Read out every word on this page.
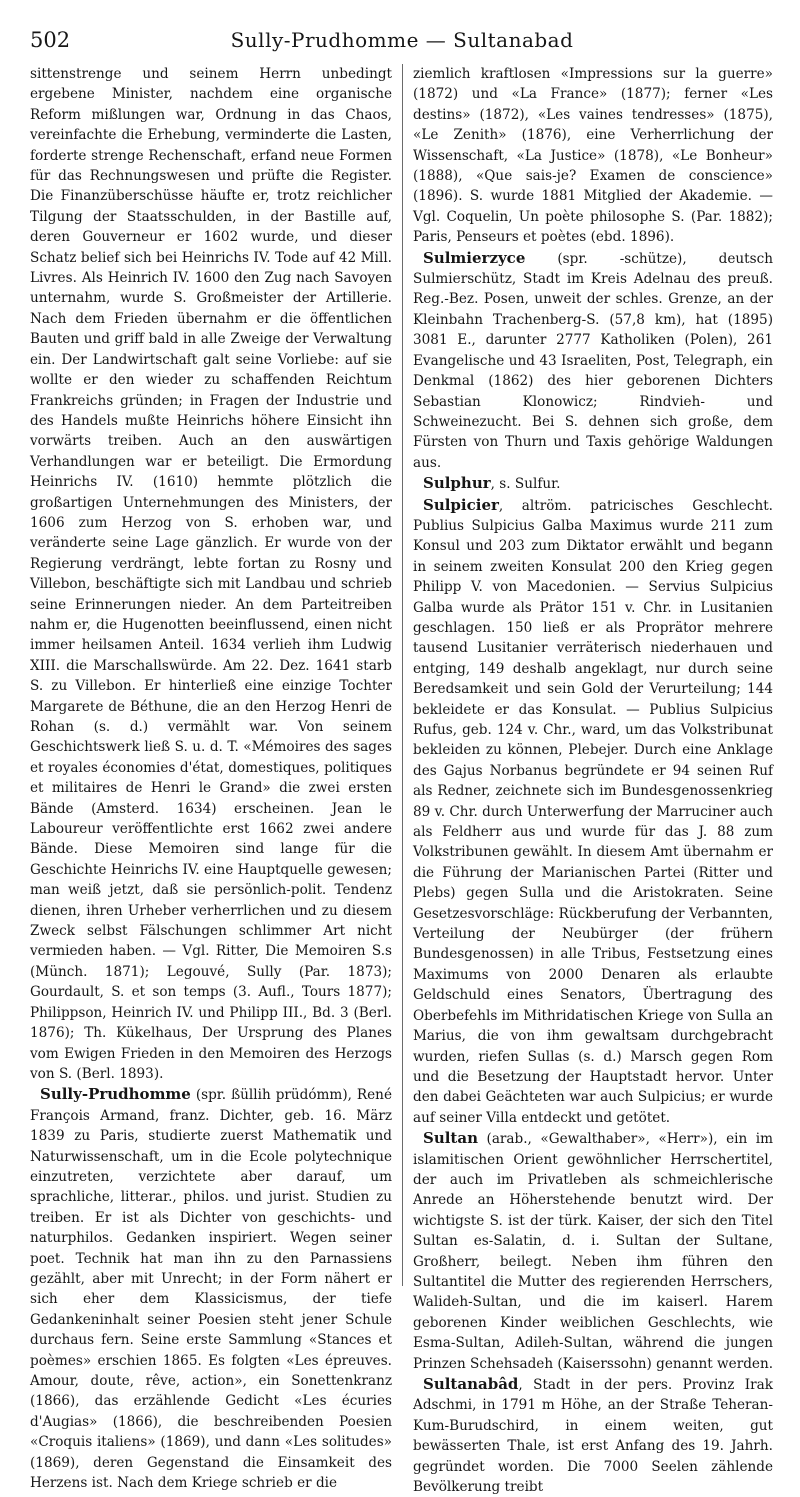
502	Sully-Prudhomme — Sultanabad

sittenstrenge und seinem Herrn unbedingt ergebene Minister, nachdem eine organische Reform mißlungen war, Ordnung in das Chaos, vereinfachte die Erhebung, verminderte die Lasten, forderte strenge Rechenschaft, erfand neue Formen für das Rechnungswesen und prüfte die Register. Die Finanzüberschüsse häufte er, trotz reichlicher Tilgung der Staatsschulden, in der Bastille auf, deren Gouverneur er 1602 wurde, und dieser Schatz belief sich bei Heinrichs IV. Tode auf 42 Mill. Livres. Als Heinrich IV. 1600 den Zug nach Savoyen unternahm, wurde S. Großmeister der Artillerie. Nach dem Frieden übernahm er die öffentlichen Bauten und griff bald in alle Zweige der Verwaltung ein. Der Landwirtschaft galt seine Vorliebe: auf sie wollte er den wieder zu schaffenden Reichtum Frankreichs gründen; in Fragen der Industrie und des Handels mußte Heinrichs höhere Einsicht ihn vorwärts treiben. Auch an den auswärtigen Verhandlungen war er beteiligt. Die Ermordung Heinrichs IV. (1610) hemmte plötzlich die großartigen Unternehmungen des Ministers, der 1606 zum Herzog von S. erhoben war, und veränderte seine Lage gänzlich. Er wurde von der Regierung verdrängt, lebte fortan zu Rosny und Villebon, beschäftigte sich mit Landbau und schrieb seine Erinnerungen nieder. An dem Parteitreiben nahm er, die Hugenotten beeinflussend, einen nicht immer heilsamen Anteil. 1634 verlieh ihm Ludwig XIII. die Marschallswürde. Am 22. Dez. 1641 starb S. zu Villebon. Er hinterließ eine einzige Tochter Margarete de Béthune, die an den Herzog Henri de Rohan (s. d.) vermählt war. Von seinem Geschichtswerk ließ S. u. d. T. «Mémoires des sages et royales économies d'état, domestiques, politiques et militaires de Henri le Grand» die zwei ersten Bände (Amsterd. 1634) erscheinen. Jean le Laboureur veröffentlichte erst 1662 zwei andere Bände. Diese Memoiren sind lange für die Geschichte Heinrichs IV. eine Hauptquelle gewesen; man weiß jetzt, daß sie persönlich-polit. Tendenz dienen, ihren Urheber verherrlichen und zu diesem Zweck selbst Fälschungen schlimmer Art nicht vermieden haben. — Vgl. Ritter, Die Memoiren S.s (Münch. 1871); Legouvé, Sully (Par. 1873); Gourdault, S. et son temps (3. Aufl., Tours 1877); Philippson, Heinrich IV. und Philipp III., Bd. 3 (Berl. 1876); Th. Kükelhaus, Der Ursprung des Planes vom Ewigen Frieden in den Memoiren des Herzogs von S. (Berl. 1893).

Sully-Prudhomme (spr. ßüllih prüdómm), René François Armand, franz. Dichter, geb. 16. März 1839 zu Paris, studierte zuerst Mathematik und Naturwissenschaft, um in die Ecole polytechnique einzutreten, verzichtete aber darauf, um sprachliche, litterar., philos. und jurist. Studien zu treiben. Er ist als Dichter von geschichts- und naturphilos. Gedanken inspiriert. Wegen seiner poet. Technik hat man ihn zu den Parnassiens gezählt, aber mit Unrecht; in der Form nähert er sich eher dem Klassicismus, der tiefe Gedankeninhalt seiner Poesien steht jener Schule durchaus fern. Seine erste Sammlung «Stances et poèmes» erschien 1865. Es folgten «Les épreuves. Amour, doute, rêve, action», ein Sonettenkranz (1866), das erzählende Gedicht «Les écuries d'Augias» (1866), die beschreibenden Poesien «Croquis italiens» (1869), und dann «Les solitudes» (1869), deren Gegenstand die Einsamkeit des Herzens ist. Nach dem Kriege schrieb er die

ziemlich kraftlosen «Impressions sur la guerre» (1872) und «La France» (1877); ferner «Les destins» (1872), «Les vaines tendresses» (1875), «Le Zenith» (1876), eine Verherrlichung der Wissenschaft, «La Justice» (1878), «Le Bonheur» (1888), «Que sais-je? Examen de conscience» (1896). S. wurde 1881 Mitglied der Akademie. — Vgl. Coquelin, Un poète philosophe S. (Par. 1882); Paris, Penseurs et poètes (ebd. 1896).

Sulmierzyce (spr. -schütze), deutsch Sulmierschütz, Stadt im Kreis Adelnau des preuß. Reg.-Bez. Posen, unweit der schles. Grenze, an der Kleinbahn Trachenberg-S. (57,8 km), hat (1895) 3081 E., darunter 2777 Katholiken (Polen), 261 Evangelische und 43 Israeliten, Post, Telegraph, ein Denkmal (1862) des hier geborenen Dichters Sebastian Klonowicz; Rindvieh- und Schweinezucht. Bei S. dehnen sich große, dem Fürsten von Thurn und Taxis gehörige Waldungen aus.

Sulphur, s. Sulfur.

Sulpicier, altröm. patricisches Geschlecht. Publius Sulpicius Galba Maximus wurde 211 zum Konsul und 203 zum Diktator erwählt und begann in seinem zweiten Konsulat 200 den Krieg gegen Philipp V. von Macedonien. — Servius Sulpicius Galba wurde als Prätor 151 v. Chr. in Lusitanien geschlagen. 150 ließ er als Proprätor mehrere tausend Lusitanier verräterisch niederhauen und entging, 149 deshalb angeklagt, nur durch seine Beredsamkeit und sein Gold der Verurteilung; 144 bekleidete er das Konsulat. — Publius Sulpicius Rufus, geb. 124 v. Chr., ward, um das Volkstribunat bekleiden zu können, Plebejer. Durch eine Anklage des Gajus Norbanus begründete er 94 seinen Ruf als Redner, zeichnete sich im Bundesgenossenkrieg 89 v. Chr. durch Unterwerfung der Marruciner auch als Feldherr aus und wurde für das J. 88 zum Volkstribunen gewählt. In diesem Amt übernahm er die Führung der Marianischen Partei (Ritter und Plebs) gegen Sulla und die Aristokraten. Seine Gesetzesvorschläge: Rückberufung der Verbannten, Verteilung der Neubürger (der frühern Bundesgenossen) in alle Tribus, Festsetzung eines Maximums von 2000 Denaren als erlaubte Geldschuld eines Senators, Übertragung des Oberbefehls im Mithridatischen Kriege von Sulla an Marius, die von ihm gewaltsam durchgebracht wurden, riefen Sullas (s. d.) Marsch gegen Rom und die Besetzung der Hauptstadt hervor. Unter den dabei Geächteten war auch Sulpicius; er wurde auf seiner Villa entdeckt und getötet.

Sultan (arab., «Gewalthaber», «Herr»), ein im islamitischen Orient gewöhnlicher Herrschertitel, der auch im Privatleben als schmeichlerische Anrede an Höherstehende benutzt wird. Der wichtigste S. ist der türk. Kaiser, der sich den Titel Sultan es-Salatin, d. i. Sultan der Sultane, Großherr, beilegt. Neben ihm führen den Sultantitel die Mutter des regierenden Herrschers, Walideh-Sultan, und die im kaiserl. Harem geborenen Kinder weiblichen Geschlechts, wie Esma-Sultan, Adileh-Sultan, während die jungen Prinzen Schehsadeh (Kaiserssohn) genannt werden.

Sultanabâd, Stadt in der pers. Provinz Irak Adschmi, in 1791 m Höhe, an der Straße Teheran-Kum-Burudschird, in einem weiten, gut bewässerten Thale, ist erst Anfang des 19. Jahrh. gegründet worden. Die 7000 Seelen zählende Bevölkerung treibt
